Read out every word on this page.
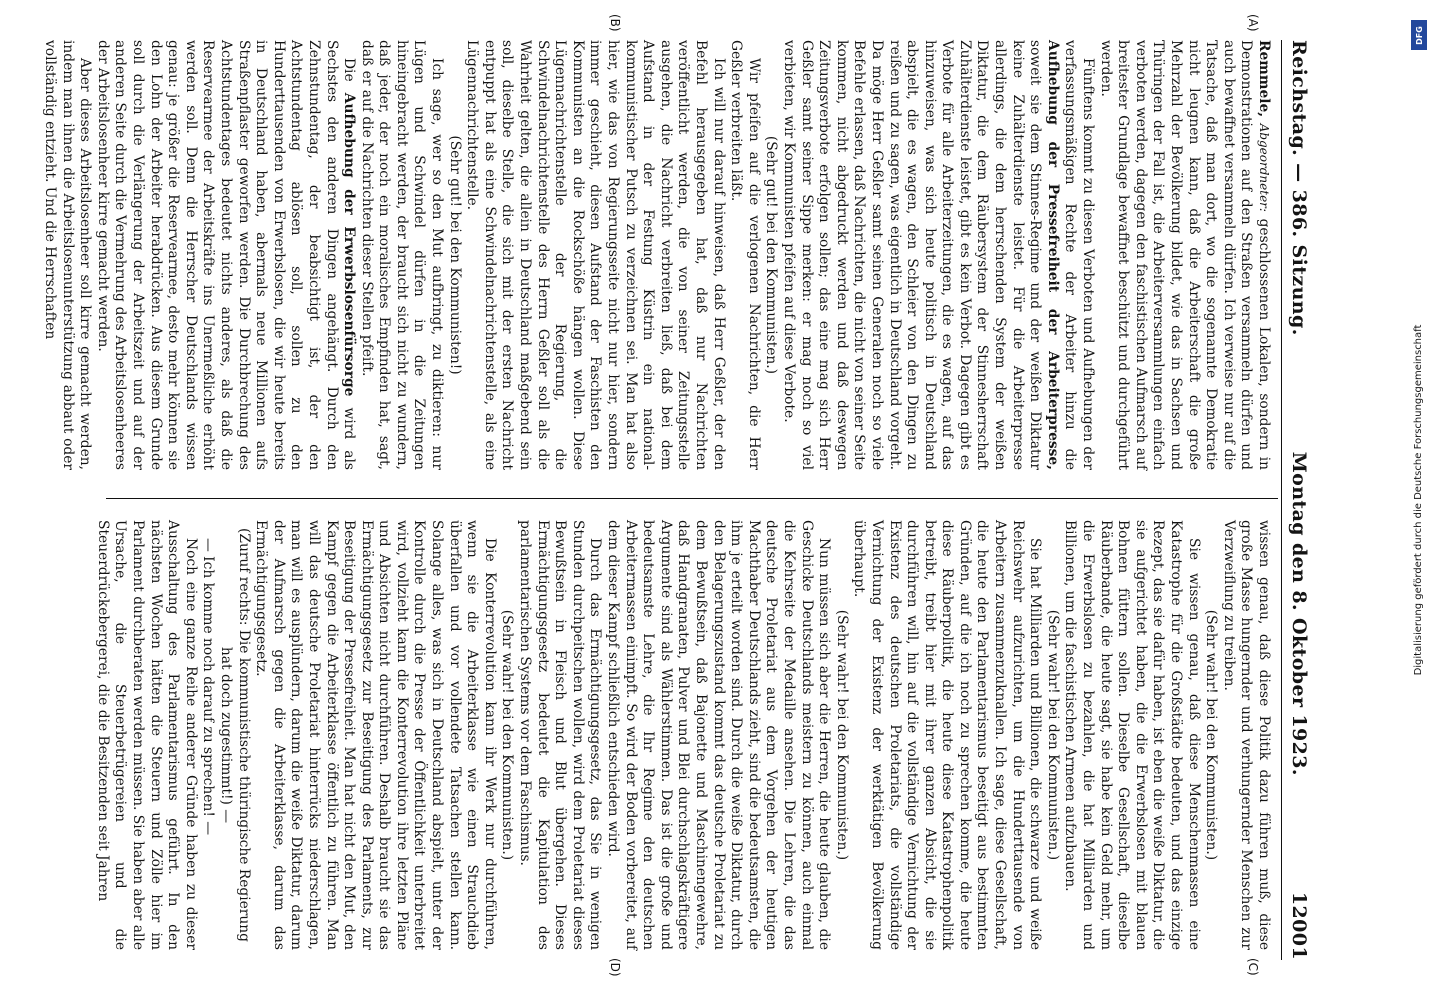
Reichstag. — 386. Sitzung.
Montag den 8. Oktober 1923.
12001
(A)
(B)
(C)
(D)

Remmele, Abgeordneter: geschlossenen Lokalen, sondern in Demonstrationen auf den Straßen versammeln dürfen und auch bewaffnet versammeln dürfen. Ich verweise nur auf die Tatsache, daß man dort, wo die sogenannte Demokratie nicht leugnen kann, daß die Arbeiterschaft die große Mehrzahl der Bevölkerung bildet, wie das in Sachsen und Thüringen der Fall ist, die Arbeiterversammlungen einfach verboten werden, dagegen den faschistischen Aufmarsch auf breitester Grundlage bewaffnet beschützt und durchgeführt werden.

Fünftens kommt zu diesen Verboten und Aufhebungen der verfassungsmäßigen Rechte der Arbeiter hinzu die Aufhebung der Pressefreiheit der Arbeiterpresse, soweit sie dem Stinnes-Regime und der weißen Diktatur keine Zuhälterdienste leistet. Für die Arbeiterpresse allerdings, die dem herrschenden System der weißen Diktatur, die dem Räubersystem der Stinnesherrschaft Zuhälterdienste leistet, gibt es kein Verbot. Dagegen gibt es Verbote für alle Arbeiterzeitungen, die es wagen, auf das hinzuweisen, was sich heute politisch in Deutschland abspielt, die es wagen, den Schleier von den Dingen zu reißen und zu sagen, was eigentlich in Deutschland vorgeht. Da möge Herr Geßler samt seinen Generalen noch so viele Befehle erlassen, daß Nachrichten, die nicht von seiner Seite kommen, nicht abgedruckt werden und daß deswegen Zeitungsverbote erfolgen sollen; das eine mag sich Herr Geßler samt seiner Sippe merken: er mag noch so viel verbieten, wir Kommunisten pfeifen auf diese Verbote.

(Sehr gut! bei den Kommunisten.)

Wir pfeifen auf die verlogenen Nachrichten, die Herr Geßler verbreiten läßt.

Ich will nur darauf hinweisen, daß Herr Geßler, der den Befehl herausgegeben hat, daß nur Nachrichten veröffentlicht werden, die von seiner Zeitungsstelle ausgehen, die Nachricht verbreiten ließ, daß bei dem Aufstand in der Festung Küstrin ein national-kommunistischer Putsch zu verzeichnen sei. Man hat also hier, wie das von Regierungsseite nicht nur hier, sondern immer geschieht, diesen Aufstand der Faschisten den Kommunisten an die Rockschöße hängen wollen. Diese Lügennachrichtenstelle der Regierung, die Schwindelnachrichtenstelle des Herrn Geßler soll als die Wahrheit gelten, die allein in Deutschland maßgebend sein soll, dieselbe Stelle, die sich mit der ersten Nachricht entpuppt hat als eine Schwindelnachrichtenstelle, als eine Lügennachrichtenstelle.

(Sehr gut! bei den Kommunisten!)

Ich sage, wer so den Mut aufbringt, zu diktieren: nur Lügen und Schwindel dürfen in die Zeitungen hineingebracht werden, der braucht sich nicht zu wundern, daß jeder, der noch ein moralisches Empfinden hat, sagt, daß er auf die Nachrichten dieser Stellen pfeift.

Die Aufhebung der Erwerbslosenfürsorge wird als Sechstes den anderen Dingen angehängt. Durch den Zehnstundentag, der beabsichtigt ist, der den Achtstundentag ablösen soll, sollen zu den Hunderttausenden von Erwerbslosen, die wir heute bereits in Deutschland haben, abermals neue Millionen aufs Straßenpflaster geworfen werden. Die Durchbrechung des Achtstundentages bedeutet nichts anderes, als daß die Reservearmee der Arbeitskräfte ins Unermeßliche erhöht werden soll. Denn die Herrscher Deutschlands wissen genau: je größer die Reservearmee, desto mehr können sie den Lohn der Arbeiter herabdrücken. Aus diesem Grunde soll durch die Verlängerung der Arbeitszeit und auf der anderen Seite durch die Vermehrung des Arbeitslosenheeres der Arbeitslosenheer kirre gemacht werden.

Aber dieses Arbeitslosenheer soll kirre gemacht werden, indem man ihnen die Arbeitslosenunterstützung abbaut oder vollständig entzieht. Und die Herrschaften

wissen genau, daß diese Politik dazu führen muß, diese große Masse hungernder und verhungernder Menschen zur Verzweiflung zu treiben.

(Sehr wahr! bei den Kommunisten.)

Sie wissen genau, daß diese Menschenmassen eine Katastrophe für die Großstädte bedeuten, und das einzige Rezept, das sie dafür haben, ist eben die weiße Diktatur, die sie aufgerichtet haben, die die Erwerbslosen mit blauen Bohnen füttern sollen. Dieselbe Gesellschaft, dieselbe Räuberbande, die heute sagt, sie habe kein Geld mehr, um die Erwerbslosen zu bezahlen, die hat Milliarden und Billionen, um die faschistischen Armeen aufzubauen.

(Sehr wahr! bei den Kommunisten.)

Sie hat Milliarden und Billionen, die schwarze und weiße Reichswehr aufzurichten, um die Hunderttausende von Arbeitern zusammenzuknallen. Ich sage, diese Gesellschaft, die heute den Parlamentarismus beseitigt aus bestimmten Gründen, auf die ich noch zu sprechen komme, die heute diese Räuberpolitik, die heute diese Katastrophenpolitik betreibt, treibt hier mit ihrer ganzen Absicht, die sie durchführen will, hin auf die vollständige Vernichtung der Existenz des deutschen Proletariats, die vollständige Vernichtung der Existenz der werktätigen Bevölkerung überhaupt.

(Sehr wahr! bei den Kommunisten.)

Nun müssen sich aber die Herren, die heute glauben, die Geschicke Deutschlands meistern zu können, auch einmal die Kehrseite der Medaille ansehen. Die Lehren, die das deutsche Proletariat aus dem Vorgehen der heutigen Machthaber Deutschlands zieht, sind die bedeutsamsten, die ihm je erteilt worden sind. Durch die weiße Diktatur, durch den Belagerungszustand kommt das deutsche Proletariat zu dem Bewußtsein, daß Bajonette und Maschinengewehre, daß Handgranaten, Pulver und Blei durchschlagskräftigere Argumente sind als Wählerstimmen. Das ist die große und bedeutsamste Lehre, die Ihr Regime den deutschen Arbeitermassen einimpft. So wird der Boden vorbereitet, auf dem dieser Kampf schließlich entschieden wird.

Durch das Ermächtigungsgesetz, das Sie in wenigen Stunden durchpeitschen wollen, wird dem Proletariat dieses Bewußtsein in Fleisch und Blut übergehen. Dieses Ermächtigungsgesetz bedeutet die Kapitulation des parlamentarischen Systems vor dem Faschismus.

(Sehr wahr! bei den Kommunisten.)

Die Konterrevolution kann ihr Werk nur durchführen, wenn sie die Arbeiterklasse wie einen Strauchdieb überfallen und vor vollendete Tatsachen stellen kann. Solange alles, was sich in Deutschland abspielt, unter der Kontrolle durch die Presse der Öffentlichkeit unterbreitet wird, vollzieht kann die Konterrevolution ihre letzten Pläne und Absichten nicht durchführen. Deshalb braucht sie das Ermächtigungsgesetz zur Beseitigung des Parlaments, zur Beseitigung der Pressefreiheit. Man hat nicht den Mut, den Kampf gegen die Arbeiterklasse öffentlich zu führen. Man will das deutsche Proletariat hinterrücks niederschlagen, man will es ausplündern, darum die weiße Diktatur, darum der Aufmarsch gegen die Arbeiterklasse, darum das Ermächtigungsgesetz.

(Zuruf rechts: Die kommunistische thüringische Regierung hat doch zugestimmt!) —

— Ich komme noch darauf zu sprechen! —

Noch eine ganze Reihe anderer Gründe haben zu dieser Ausschaltung des Parlamentarismus geführt. In den nächsten Wochen hätten die Steuern und Zölle hier im Parlament durchberaten werden müssen. Sie haben aber alle Ursache, die Steuerbetrügereien und die Steuerdrückebergerei, die die Besitzenden seit Jahren

DFG
Digitalisierung gefördert durch die Deutsche Forschungsgemeinschaft
